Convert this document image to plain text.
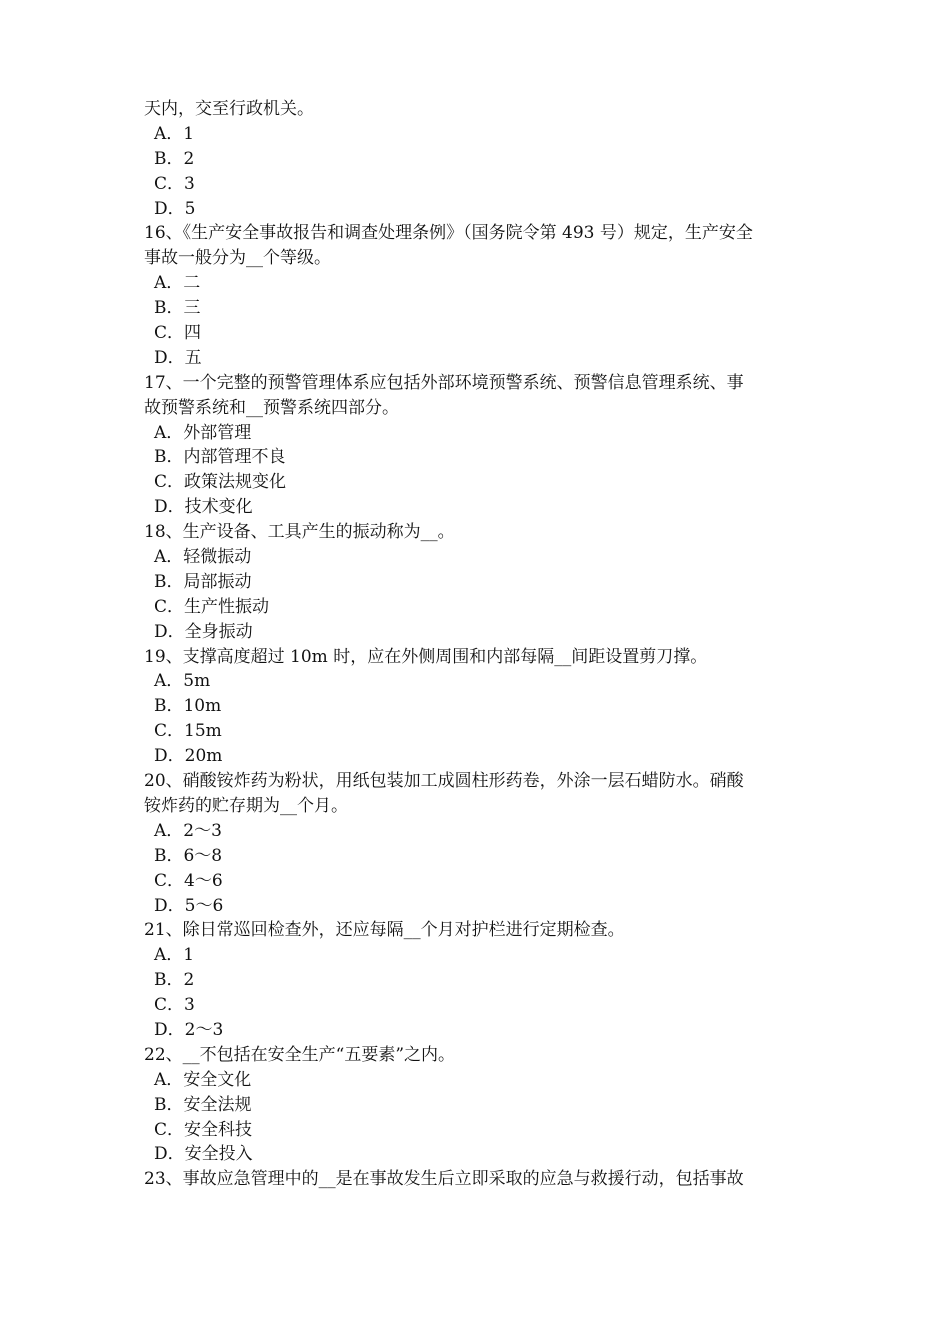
天内，交至行政机关。
A．1
B．2
C．3
D．5
16、《生产安全事故报告和调查处理条例》（国务院令第 493 号）规定，生产安全
事故一般分为__个等级。
A．二
B．三
C．四
D．五
17、一个完整的预警管理体系应包括外部环境预警系统、预警信息管理系统、事
故预警系统和__预警系统四部分。
A．外部管理
B．内部管理不良
C．政策法规变化
D．技术变化
18、生产设备、工具产生的振动称为__。
A．轻微振动
B．局部振动
C．生产性振动
D．全身振动
19、支撑高度超过 10m 时，应在外侧周围和内部每隔__间距设置剪刀撑。
A．5m
B．10m
C．15m
D．20m
20、硝酸铵炸药为粉状，用纸包装加工成圆柱形药卷，外涂一层石蜡防水。硝酸
铵炸药的贮存期为__个月。
A．2～3
B．6～8
C．4～6
D．5～6
21、除日常巡回检查外，还应每隔__个月对护栏进行定期检查。
A．1
B．2
C．3
D．2～3
22、__不包括在安全生产“五要素”之内。
A．安全文化
B．安全法规
C．安全科技
D．安全投入
23、事故应急管理中的__是在事故发生后立即采取的应急与救援行动，包括事故
